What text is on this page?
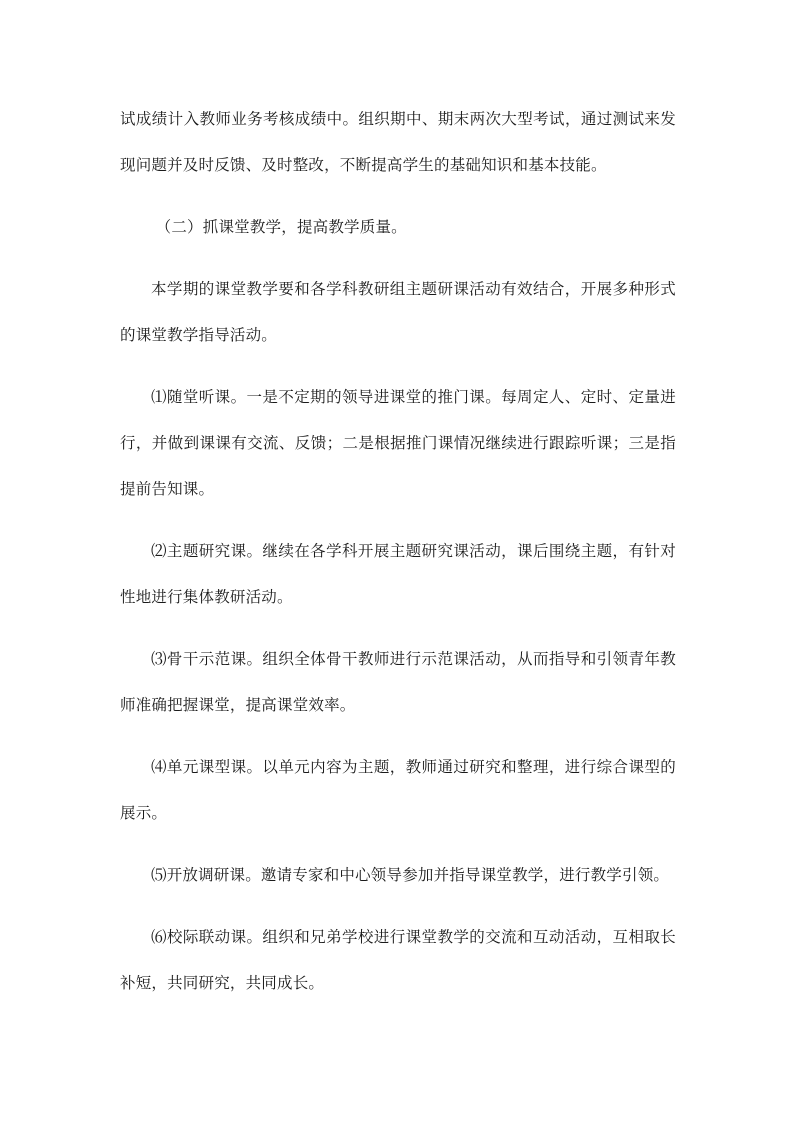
试成绩计入教师业务考核成绩中。组织期中、期末两次大型考试，通过测试来发现问题并及时反馈、及时整改，不断提高学生的基础知识和基本技能。

（二）抓课堂教学，提高教学质量。

本学期的课堂教学要和各学科教研组主题研课活动有效结合，开展多种形式的课堂教学指导活动。

⑴随堂听课。一是不定期的领导进课堂的推门课。每周定人、定时、定量进行，并做到课课有交流、反馈；二是根据推门课情况继续进行跟踪听课；三是指提前告知课。

⑵主题研究课。继续在各学科开展主题研究课活动，课后围绕主题，有针对性地进行集体教研活动。

⑶骨干示范课。组织全体骨干教师进行示范课活动，从而指导和引领青年教师准确把握课堂，提高课堂效率。

⑷单元课型课。以单元内容为主题，教师通过研究和整理，进行综合课型的展示。

⑸开放调研课。邀请专家和中心领导参加并指导课堂教学，进行教学引领。

⑹校际联动课。组织和兄弟学校进行课堂教学的交流和互动活动，互相取长补短，共同研究，共同成长。
